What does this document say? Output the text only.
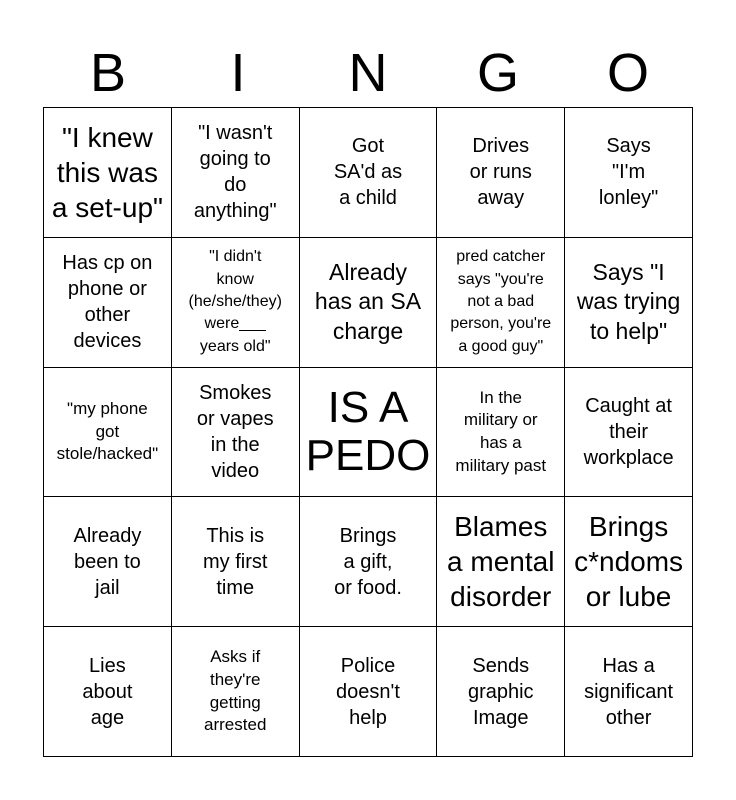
B	I	N	G	O
"I knew
this was
a set-up"
"I wasn't
going to
do
anything"
Got
SA'd as
a child
Drives
or runs
away
Says
"I'm
lonley"
Has cp on
phone or
other
devices
"I didn't
know
(he/she/they)
were___
years old"
Already
has an SA
charge
pred catcher
says "you're
not a bad
person, you're
a good guy"
Says "I
was trying
to help"
"my phone
got
stole/hacked"
Smokes
or vapes
in the
video
IS A
PEDO
In the
military or
has a
military past
Caught at
their
workplace
Already
been to
jail
This is
my first
time
Brings
a gift,
or food.
Blames
a mental
disorder
Brings
c*ndoms
or lube
Lies
about
age
Asks if
they're
getting
arrested
Police
doesn't
help
Sends
graphic
Image
Has a
significant
other
